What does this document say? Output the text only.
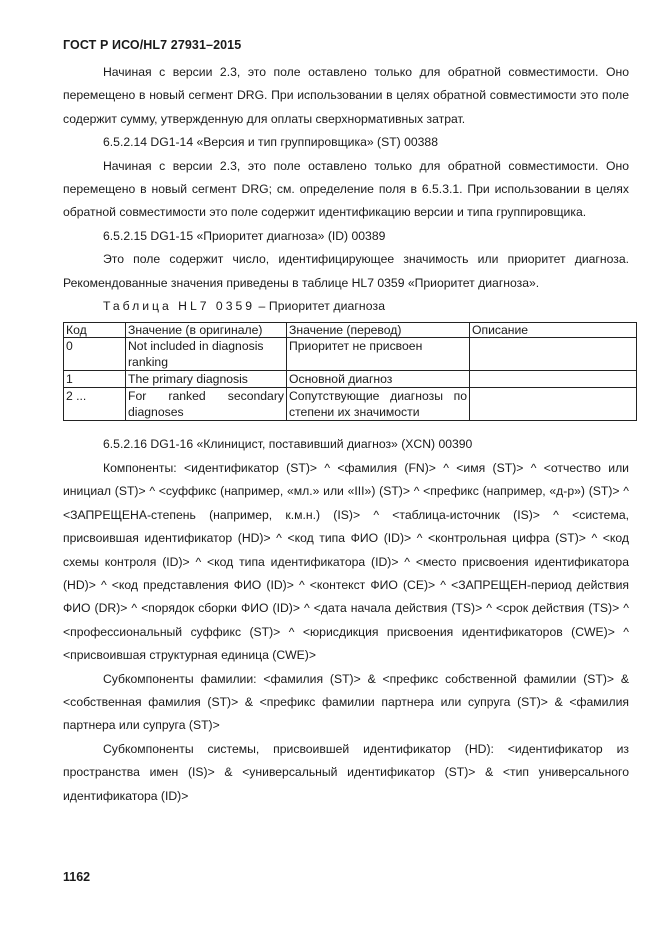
ГОСТ Р ИСО/HL7 27931–2015

Начиная с версии 2.3, это поле оставлено только для обратной совместимости. Оно перемещено в новый сегмент DRG. При использовании в целях обратной совместимости это поле содержит сумму, утвержденную для оплаты сверхнормативных затрат.

6.5.2.14 DG1-14 «Версия и тип группировщика» (ST) 00388

Начиная с версии 2.3, это поле оставлено только для обратной совместимости. Оно перемещено в новый сегмент DRG; см. определение поля в 6.5.3.1. При использовании в целях обратной совместимости это поле содержит идентификацию версии и типа группировщика.

6.5.2.15 DG1-15 «Приоритет диагноза» (ID) 00389

Это поле содержит число, идентифицирующее значимость или приоритет диагноза. Рекомендованные значения приведены в таблице HL7 0359 «Приоритет диагноза».

Таблица HL7 0359 – Приоритет диагноза

Код	Значение (в оригинале)	Значение (перевод)	Описание
0	Not included in diagnosis ranking	Приоритет не присвоен	
1	The primary diagnosis	Основной диагноз	
2 ...	For ranked secondary diagnoses	Сопутствующие диагнозы по степени их значимости	

6.5.2.16 DG1-16 «Клиницист, поставивший диагноз» (XCN) 00390

Компоненты: <идентификатор (ST)> ^ <фамилия (FN)> ^ <имя (ST)> ^ <отчество или инициал (ST)> ^ <суффикс (например, «мл.» или «III») (ST)> ^ <префикс (например, «д-р») (ST)> ^ <ЗАПРЕЩЕНА-степень (например, к.м.н.) (IS)> ^ <таблица-источник (IS)> ^ <система, присвоившая идентификатор (HD)> ^ <код типа ФИО (ID)> ^ <контрольная цифра (ST)> ^ <код схемы контроля (ID)> ^ <код типа идентификатора (ID)> ^ <место присвоения идентификатора (HD)> ^ <код представления ФИО (ID)> ^ <контекст ФИО (CE)> ^ <ЗАПРЕЩЕН-период действия ФИО (DR)> ^ <порядок сборки ФИО (ID)> ^ <дата начала действия (TS)> ^ <срок действия (TS)> ^ <профессиональный суффикс (ST)> ^ <юрисдикция присвоения идентификаторов (CWE)> ^ <присвоившая структурная единица (CWE)>

Субкомпоненты фамилии: <фамилия (ST)> & <префикс собственной фамилии (ST)> & <собственная фамилия (ST)> & <префикс фамилии партнера или супруга (ST)> & <фамилия партнера или супруга (ST)>

Субкомпоненты системы, присвоившей идентификатор (HD): <идентификатор из пространства имен (IS)> & <универсальный идентификатор (ST)> & <тип универсального идентификатора (ID)>

1162
